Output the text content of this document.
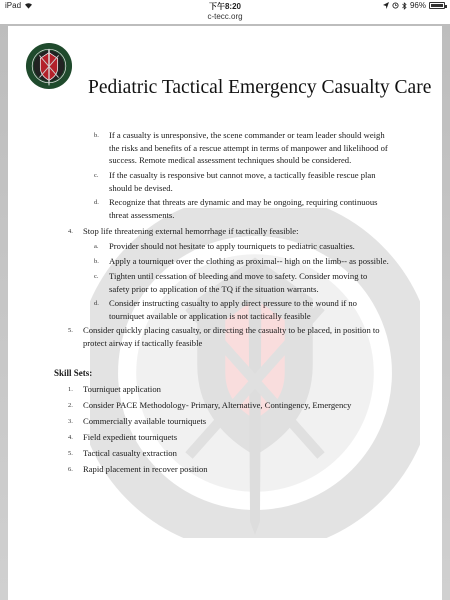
iPad	下午8:20	96%
c-tecc.org
Pediatric Tactical Emergency Casualty Care
b. If a casualty is unresponsive, the scene commander or team leader should weigh
the risks and benefits of a rescue attempt in terms of manpower and likelihood of
success. Remote medical assessment techniques should be considered.
c. If the casualty is responsive but cannot move, a tactically feasible rescue plan
should be devised.
d. Recognize that threats are dynamic and may be ongoing, requiring continuous
threat assessments.
4. Stop life threatening external hemorrhage if tactically feasible:
a. Provider should not hesitate to apply tourniquets to pediatric casualties.
b. Apply a tourniquet over the clothing as proximal-- high on the limb-- as possible.
c. Tighten until cessation of bleeding and move to safety. Consider moving to
safety prior to application of the TQ if the situation warrants.
d. Consider instructing casualty to apply direct pressure to the wound if no
tourniquet available or application is not tactically feasible
5. Consider quickly placing casualty, or directing the casualty to be placed, in position to
protect airway if tactically feasible
Skill Sets:
1. Tourniquet application
2. Consider PACE Methodology- Primary, Alternative, Contingency, Emergency
3. Commercially available tourniquets
4. Field expedient tourniquets
5. Tactical casualty extraction
6. Rapid placement in recover position
